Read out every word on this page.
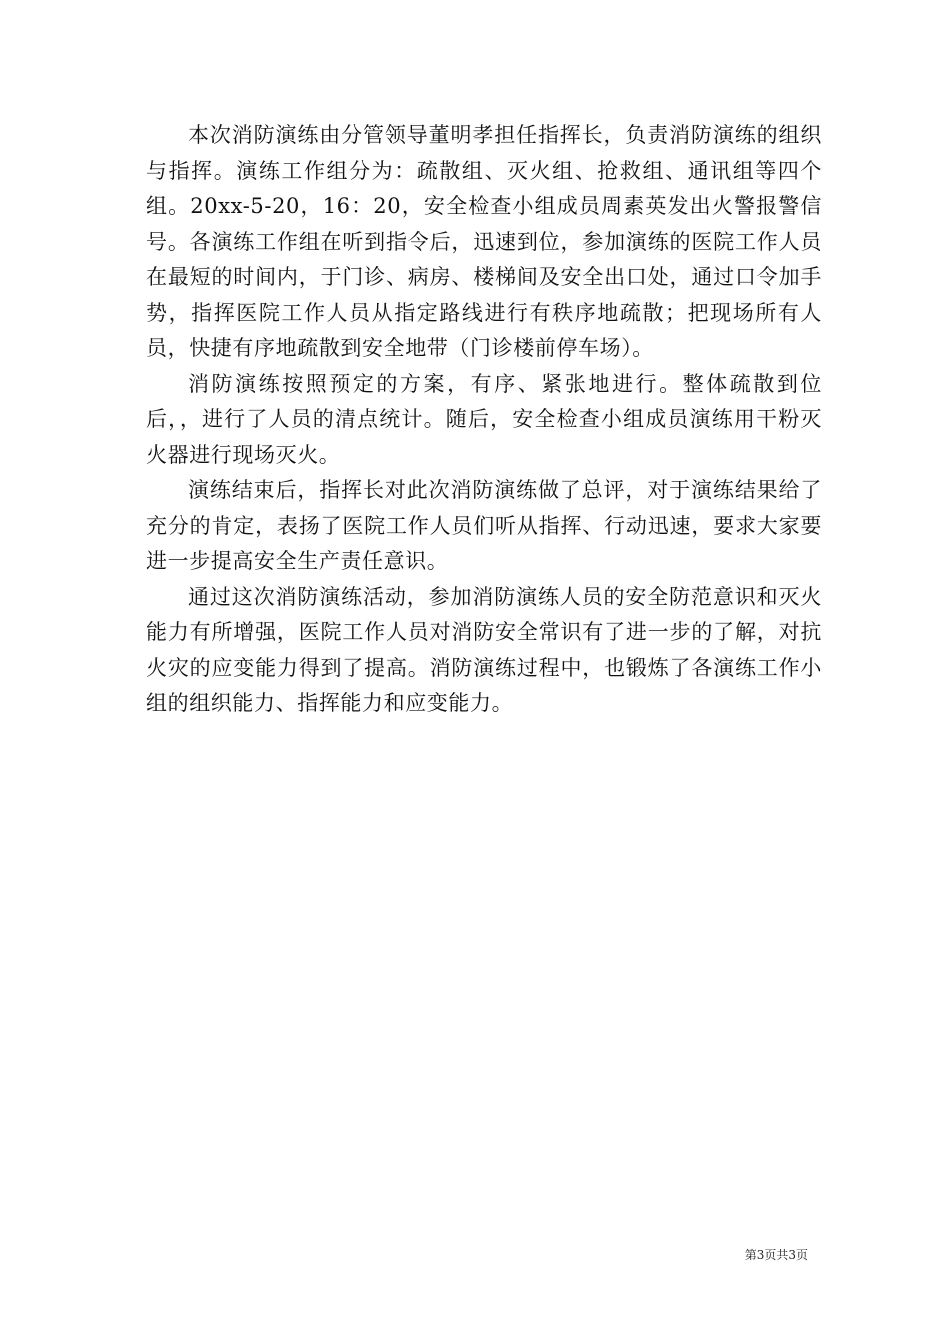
本次消防演练由分管领导董明孝担任指挥长，负责消防演练的组织与指挥。演练工作组分为：疏散组、灭火组、抢救组、通讯组等四个组。20xx-5-20，16：20，安全检查小组成员周素英发出火警报警信号。各演练工作组在听到指令后，迅速到位，参加演练的医院工作人员在最短的时间内，于门诊、病房、楼梯间及安全出口处，通过口令加手势，指挥医院工作人员从指定路线进行有秩序地疏散；把现场所有人员，快捷有序地疏散到安全地带（门诊楼前停车场）。

消防演练按照预定的方案，有序、紧张地进行。整体疏散到位后，，进行了人员的清点统计。随后，安全检查小组成员演练用干粉灭火器进行现场灭火。

演练结束后，指挥长对此次消防演练做了总评，对于演练结果给了充分的肯定，表扬了医院工作人员们听从指挥、行动迅速，要求大家要进一步提高安全生产责任意识。

通过这次消防演练活动，参加消防演练人员的安全防范意识和灭火能力有所增强，医院工作人员对消防安全常识有了进一步的了解，对抗火灾的应变能力得到了提高。消防演练过程中，也锻炼了各演练工作小组的组织能力、指挥能力和应变能力。

第3页共3页
